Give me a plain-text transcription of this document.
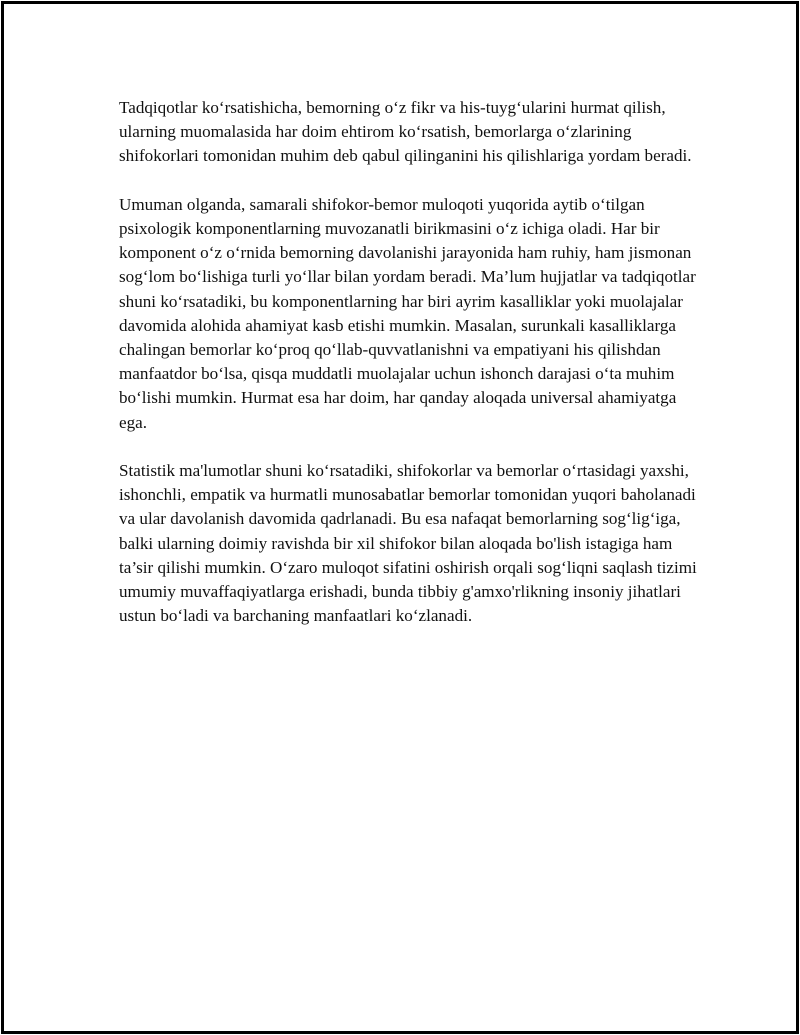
Tadqiqotlar ko‘rsatishicha, bemorning o‘z fikr va his-tuyg‘ularini hurmat qilish, ularning muomalasida har doim ehtirom ko‘rsatish, bemorlarga o‘zlarining shifokorlari tomonidan muhim deb qabul qilinganini his qilishlariga yordam beradi.

Umuman olganda, samarali shifokor-bemor muloqoti yuqorida aytib o‘tilgan psixologik komponentlarning muvozanatli birikmasini o‘z ichiga oladi. Har bir komponent o‘z o‘rnida bemorning davolanishi jarayonida ham ruhiy, ham jismonan sog‘lom bo‘lishiga turli yo‘llar bilan yordam beradi. Ma’lum hujjatlar va tadqiqotlar shuni ko‘rsatadiki, bu komponentlarning har biri ayrim kasalliklar yoki muolajalar davomida alohida ahamiyat kasb etishi mumkin. Masalan, surunkali kasalliklarga chalingan bemorlar ko‘proq qo‘llab-quvvatlanishni va empatiyani his qilishdan manfaatdor bo‘lsa, qisqa muddatli muolajalar uchun ishonch darajasi o‘ta muhim bo‘lishi mumkin. Hurmat esa har doim, har qanday aloqada universal ahamiyatga ega.

Statistik ma'lumotlar shuni ko‘rsatadiki, shifokorlar va bemorlar o‘rtasidagi yaxshi, ishonchli, empatik va hurmatli munosabatlar bemorlar tomonidan yuqori baholanadi va ular davolanish davomida qadrlanadi. Bu esa nafaqat bemorlarning sog‘lig‘iga, balki ularning doimiy ravishda bir xil shifokor bilan aloqada bo'lish istagiga ham ta’sir qilishi mumkin. O‘zaro muloqot sifatini oshirish orqali sog‘liqni saqlash tizimi umumiy muvaffaqiyatlarga erishadi, bunda tibbiy g'amxo'rlikning insoniy jihatlari ustun bo‘ladi va barchaning manfaatlari ko‘zlanadi.
